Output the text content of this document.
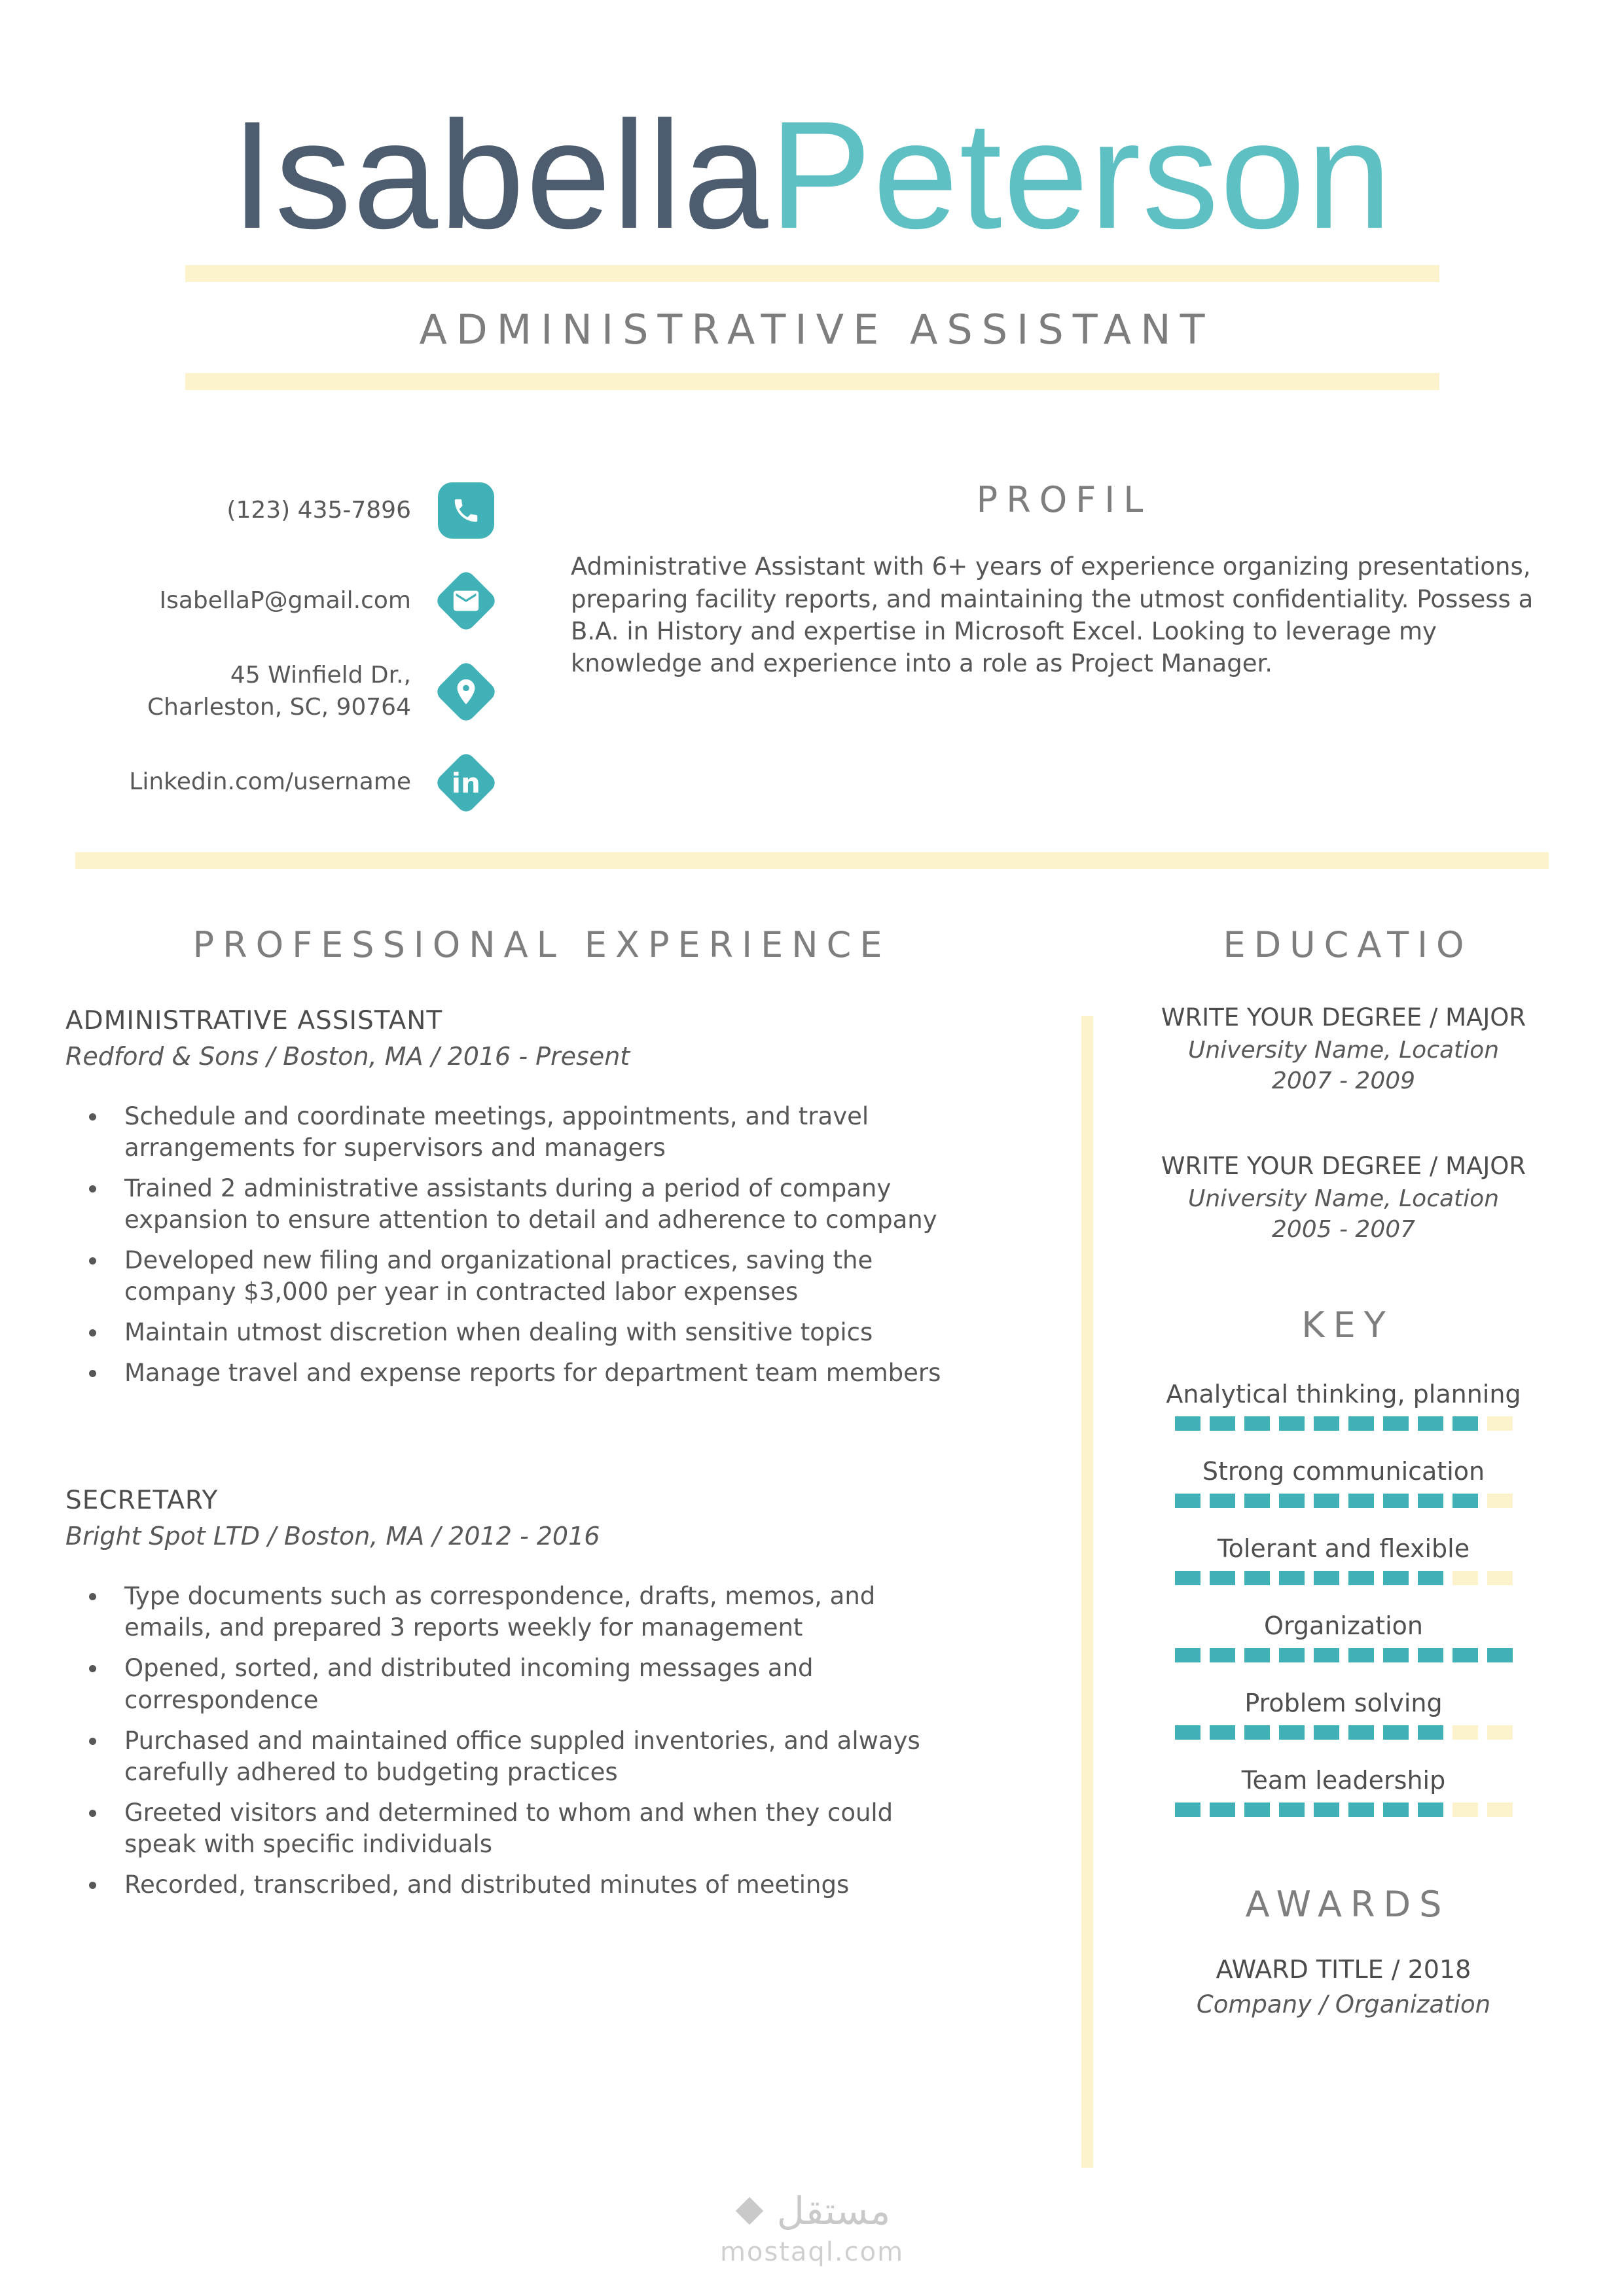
IsabellaPeterson
ADMINISTRATIVE ASSISTANT
(123) 435-7896
IsabellaP@gmail.com
45 Winfield Dr.,
Charleston, SC, 90764
Linkedin.com/username in
PROFIL

Administrative Assistant with 6+ years of experience organizing presentations, preparing facility reports, and maintaining the utmost confidentiality. Possess a B.A. in History and expertise in Microsoft Excel. Looking to leverage my knowledge and experience into a role as Project Manager.

PROFESSIONAL EXPERIENCE
ADMINISTRATIVE ASSISTANT
Redford & Sons / Boston, MA / 2016 - Present
Schedule and coordinate meetings, appointments, and travel arrangements for supervisors and managers
Trained 2 administrative assistants during a period of company expansion to ensure attention to detail and adherence to company
Developed new filing and organizational practices, saving the company $3,000 per year in contracted labor expenses
Maintain utmost discretion when dealing with sensitive topics
Manage travel and expense reports for department team members
SECRETARY
Bright Spot LTD / Boston, MA / 2012 - 2016
Type documents such as correspondence, drafts, memos, and emails, and prepared 3 reports weekly for management
Opened, sorted, and distributed incoming messages and correspondence
Purchased and maintained office suppled inventories, and always carefully adhered to budgeting practices
Greeted visitors and determined to whom and when they could speak with specific individuals
Recorded, transcribed, and distributed minutes of meetings
EDUCATIO
WRITE YOUR DEGREE / MAJOR
University Name, Location
2007 - 2009
WRITE YOUR DEGREE / MAJOR
University Name, Location
2005 - 2007
KEY
Analytical thinking, planning
Strong communication
Tolerant and flexible
Organization
Problem solving
Team leadership
AWARDS
AWARD TITLE / 2018
Company / Organization
مستقل
mostaql.com
